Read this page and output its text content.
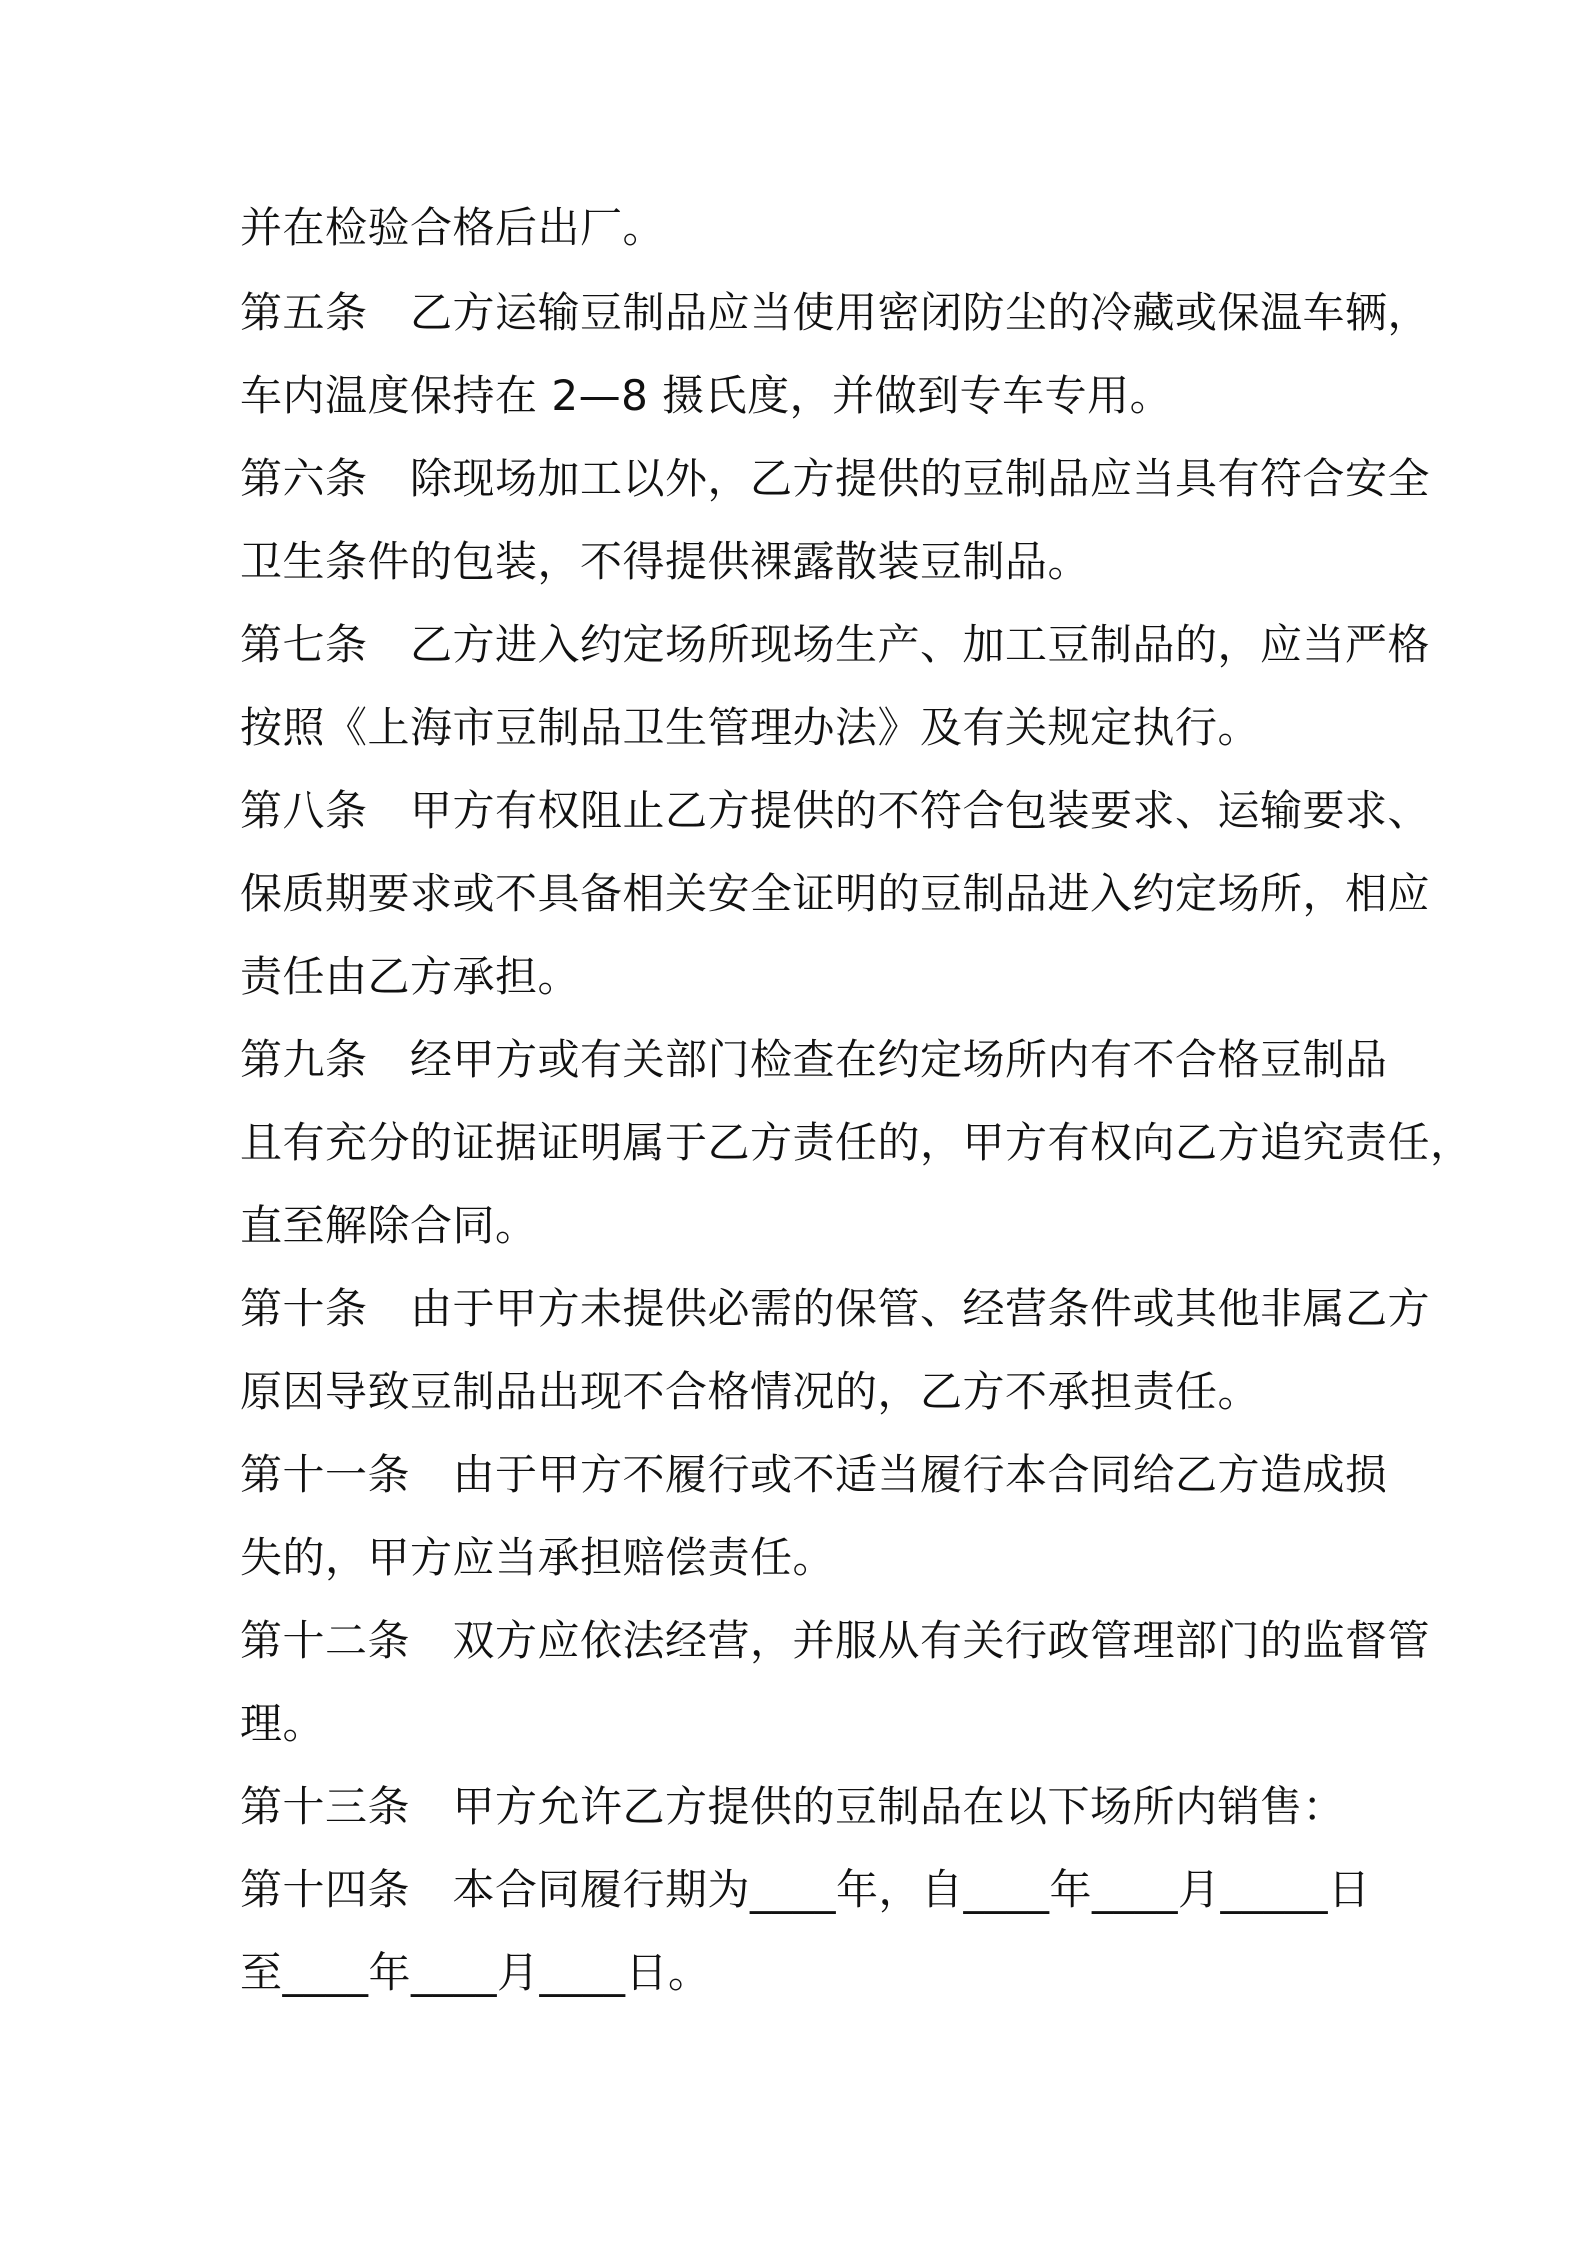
并在检验合格后出厂。
第五条　乙方运输豆制品应当使用密闭防尘的冷藏或保温车辆，
车内温度保持在 2—8 摄氏度，并做到专车专用。
第六条　除现场加工以外，乙方提供的豆制品应当具有符合安全
卫生条件的包装，不得提供裸露散装豆制品。
第七条　乙方进入约定场所现场生产、加工豆制品的，应当严格
按照《上海市豆制品卫生管理办法》及有关规定执行。
第八条　甲方有权阻止乙方提供的不符合包装要求、运输要求、
保质期要求或不具备相关安全证明的豆制品进入约定场所，相应
责任由乙方承担。
第九条　经甲方或有关部门检查在约定场所内有不合格豆制品
且有充分的证据证明属于乙方责任的，甲方有权向乙方追究责任，
直至解除合同。
第十条　由于甲方未提供必需的保管、经营条件或其他非属乙方
原因导致豆制品出现不合格情况的，乙方不承担责任。
第十一条　由于甲方不履行或不适当履行本合同给乙方造成损
失的，甲方应当承担赔偿责任。
第十二条　双方应依法经营，并服从有关行政管理部门的监督管
理。
第十三条　甲方允许乙方提供的豆制品在以下场所内销售：
第十四条　本合同履行期为____年，自____年____月_____日
至____年____月____日。
